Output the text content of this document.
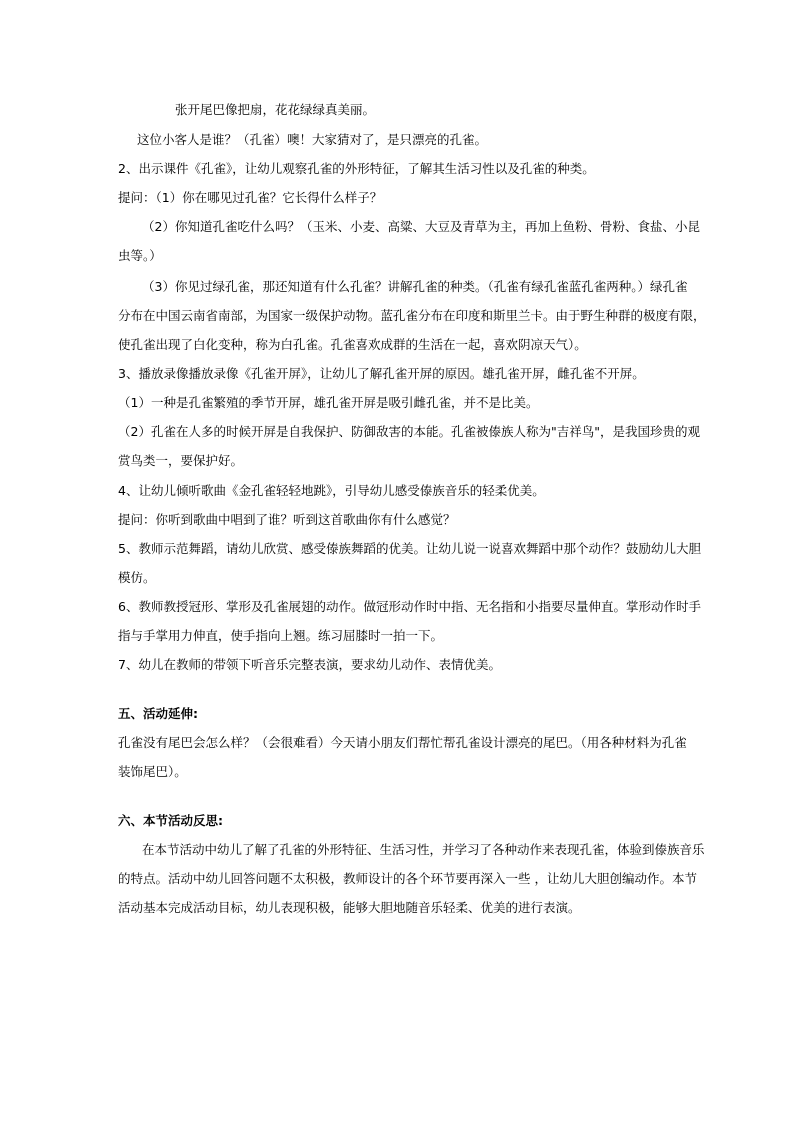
张开尾巴像把扇，花花绿绿真美丽。
这位小客人是谁？（孔雀）噢！大家猜对了，是只漂亮的孔雀。
2、出示课件《孔雀》，让幼儿观察孔雀的外形特征，了解其生活习性以及孔雀的种类。
提问：（1）你在哪见过孔雀？它长得什么样子？
（2）你知道孔雀吃什么吗？（玉米、小麦、高粱、大豆及青草为主，再加上鱼粉、骨粉、食盐、小昆
虫等。）
（3）你见过绿孔雀，那还知道有什么孔雀？讲解孔雀的种类。（孔雀有绿孔雀蓝孔雀两种。）绿孔雀
分布在中国云南省南部，为国家一级保护动物。蓝孔雀分布在印度和斯里兰卡。由于野生种群的极度有限，
使孔雀出现了白化变种，称为白孔雀。孔雀喜欢成群的生活在一起，喜欢阴凉天气）。
3、播放录像播放录像《孔雀开屏》，让幼儿了解孔雀开屏的原因。雄孔雀开屏，雌孔雀不开屏。
（1）一种是孔雀繁殖的季节开屏，雄孔雀开屏是吸引雌孔雀，并不是比美。
（2）孔雀在人多的时候开屏是自我保护、防御敌害的本能。孔雀被傣族人称为"吉祥鸟"，是我国珍贵的观
赏鸟类一，要保护好。
4、让幼儿倾听歌曲《金孔雀轻轻地跳》，引导幼儿感受傣族音乐的轻柔优美。
提问：你听到歌曲中唱到了谁？听到这首歌曲你有什么感觉？
5、教师示范舞蹈，请幼儿欣赏、感受傣族舞蹈的优美。让幼儿说一说喜欢舞蹈中那个动作？鼓励幼儿大胆
模仿。
6、教师教授冠形、掌形及孔雀展翅的动作。做冠形动作时中指、无名指和小指要尽量伸直。掌形动作时手
指与手掌用力伸直，使手指向上翘。练习屈膝时一拍一下。
7、幼儿在教师的带领下听音乐完整表演，要求幼儿动作、表情优美。
五、活动延伸:
孔雀没有尾巴会怎么样？（会很难看）今天请小朋友们帮忙帮孔雀设计漂亮的尾巴。（用各种材料为孔雀
装饰尾巴）。
六、本节活动反思:
在本节活动中幼儿了解了孔雀的外形特征、生活习性，并学习了各种动作来表现孔雀，体验到傣族音乐
的特点。活动中幼儿回答问题不太积极，教师设计的各个环节要再深入一些 ，让幼儿大胆创编动作。本节
活动基本完成活动目标，幼儿表现积极，能够大胆地随音乐轻柔、优美的进行表演。
